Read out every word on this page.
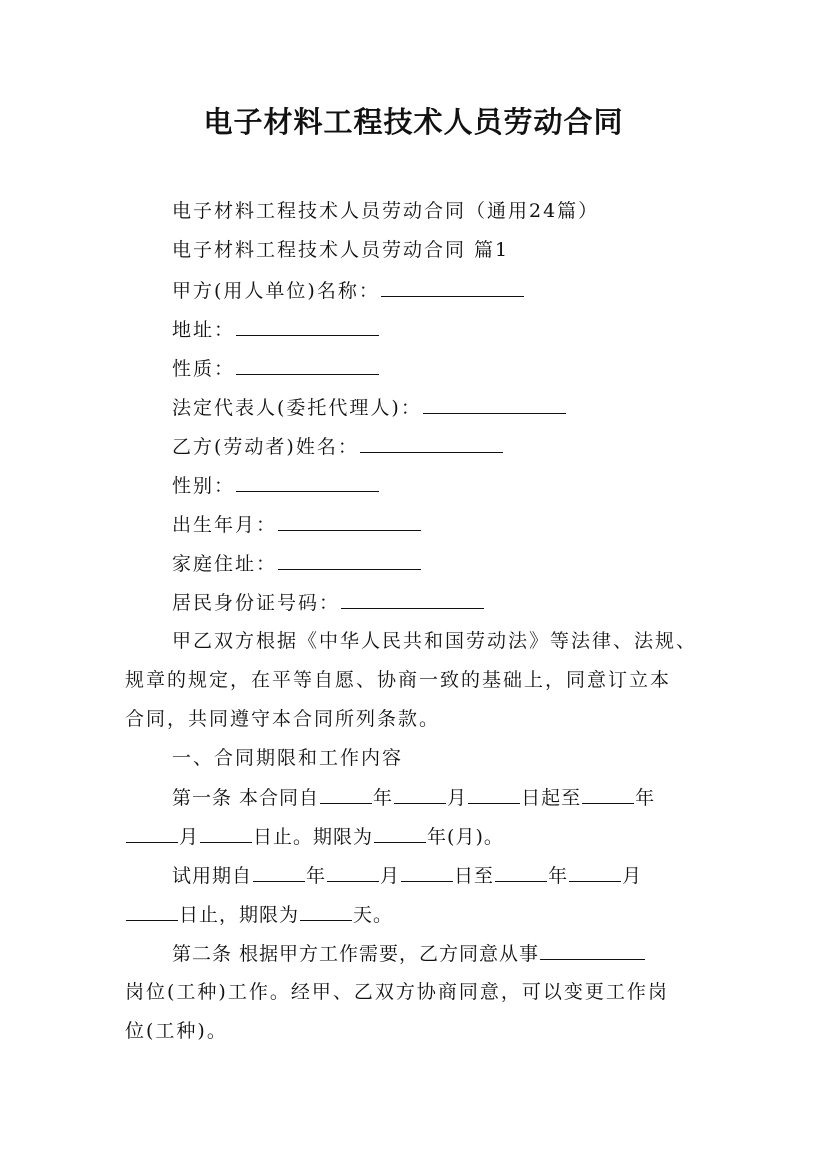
电子材料工程技术人员劳动合同
电子材料工程技术人员劳动合同（通用24篇）
电子材料工程技术人员劳动合同 篇1
甲方(用人单位)名称：
地址：
性质：
法定代表人(委托代理人)：
乙方(劳动者)姓名：
性别：
出生年月：
家庭住址：
居民身份证号码：
甲乙双方根据《中华人民共和国劳动法》等法律、法规、
规章的规定，在平等自愿、协商一致的基础上，同意订立本
合同，共同遵守本合同所列条款。
一、合同期限和工作内容
第一条 本合同自	年	月	日起至	年
月	日止。期限为	年(月)。
试用期自	年	月	日至	年	月
日止，期限为	天。
第二条 根据甲方工作需要，乙方同意从事
岗位(工种)工作。经甲、乙双方协商同意，可以变更工作岗
位(工种)。
